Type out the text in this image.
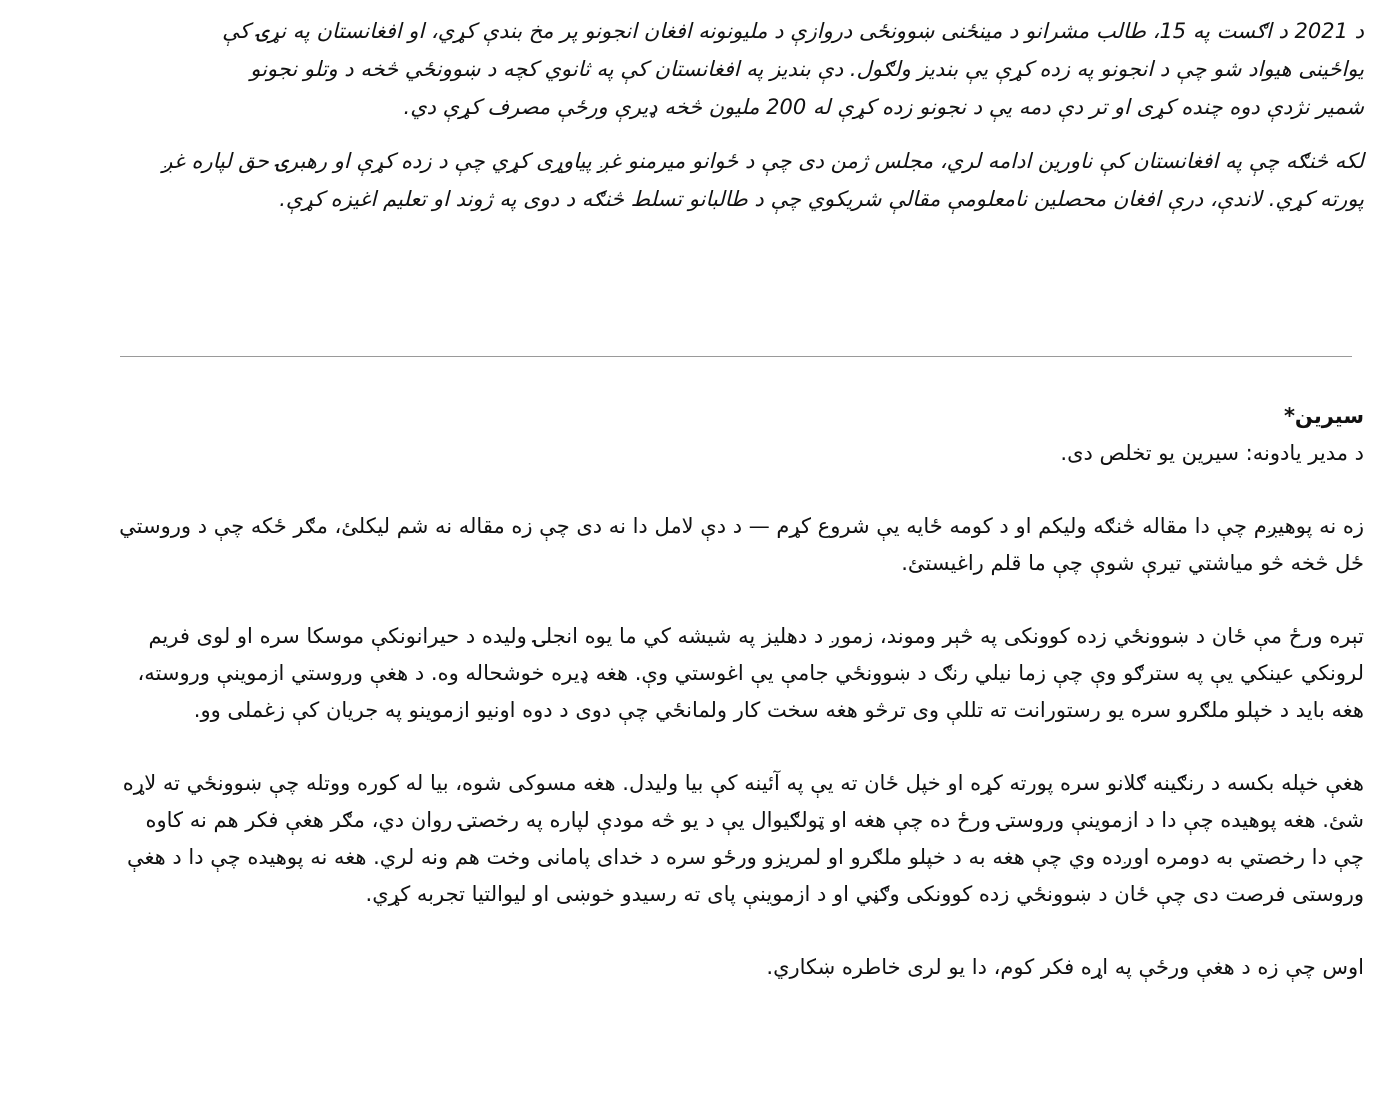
د 2021 د اګست په 15، طالب مشرانو د مینځنی ښوونځی دروازې د ملیونونه افغان انجونو پر مخ بندې کړي، او افغانستان په نړۍ کې یواځینی هیواد شو چې د انجونو په زده کړې یې بندیز ولګول. دې بندیز په افغانستان کې په ثانوي کچه د ښوونځي څخه د وتلو نجونو شمیر نژدې دوه چنده کړی او تر دې دمه یې د نجونو زده کړې له 200 ملیون څخه ډیرې ورځې مصرف کړې دي.

لکه څنګه چې په افغانستان کې ناورین ادامه لري، مجلس ژمن دی چې د ځوانو میرمنو غږ پیاوړی کړي چې د زده کړې او رهبرۍ حق لپاره غږ پورته کړي. لاندې، درې افغان محصلین نامعلومې مقالې شریکوي چې د طالبانو تسلط څنګه د دوی په ژوند او تعلیم اغیزه کړې.

سیرین*

د مدیر یادونه: سیرین یو تخلص دی.

زه نه پوهیږم چې دا مقاله څنګه ولیکم او د کومه ځایه یې شروع کړم — د دې لامل دا نه دی چې زه مقاله نه شم لیکلئ، مګر ځکه چې د وروستي ځل څخه څو میاشتي تیرې شوې چې ما قلم راغیستئ.

تېره ورځ مې ځان د ښوونځي زده کوونکی په څېر وموند، زموږ د دهلیز په شیشه کي ما یوه انجلۍ ولیده د حیرانونکې موسکا سره او لوی فریم لرونکي عینکي یې په سترګو وې چې زما نیلي رنګ د ښوونځي جامې یې اغوستي وې. هغه ډیره خوشحاله وه. د هغې وروستي ازموینې وروسته، هغه باید د خپلو ملګرو سره یو رستورانت ته تللې وی ترڅو هغه سخت کار ولمانځي چې دوی د دوه اونیو ازموینو په جریان کې زغملی وو.

هغې خپله بکسه د رنګینه ګلانو سره پورته کړه او خپل ځان ته یې په آئینه کې بیا ولیدل. هغه مسوکی شوه، بیا له کوره ووتله چې ښوونځي ته لاړه شئ. هغه پوهیده چې دا د ازموینې وروستۍ ورځ ده چې هغه او ټولګیوال یې د یو څه مودې لپاره په رخصتۍ روان دي، مګر هغې فکر هم نه کاوه چې دا رخصتي به دومره اوږده وي چې هغه به د خپلو ملګرو او لمریزو ورځو سره د خدای پامانی وخت هم ونه لري. هغه نه پوهیده چې دا د هغې وروستی فرصت دی چې ځان د ښوونځي زده کوونکی وګڼي او د ازموینې پای ته رسیدو خوښی او لیوالتیا تجربه کړي.

اوس چې زه د هغې ورځې په اړه فکر کوم، دا یو لری خاطره ښکاري.
